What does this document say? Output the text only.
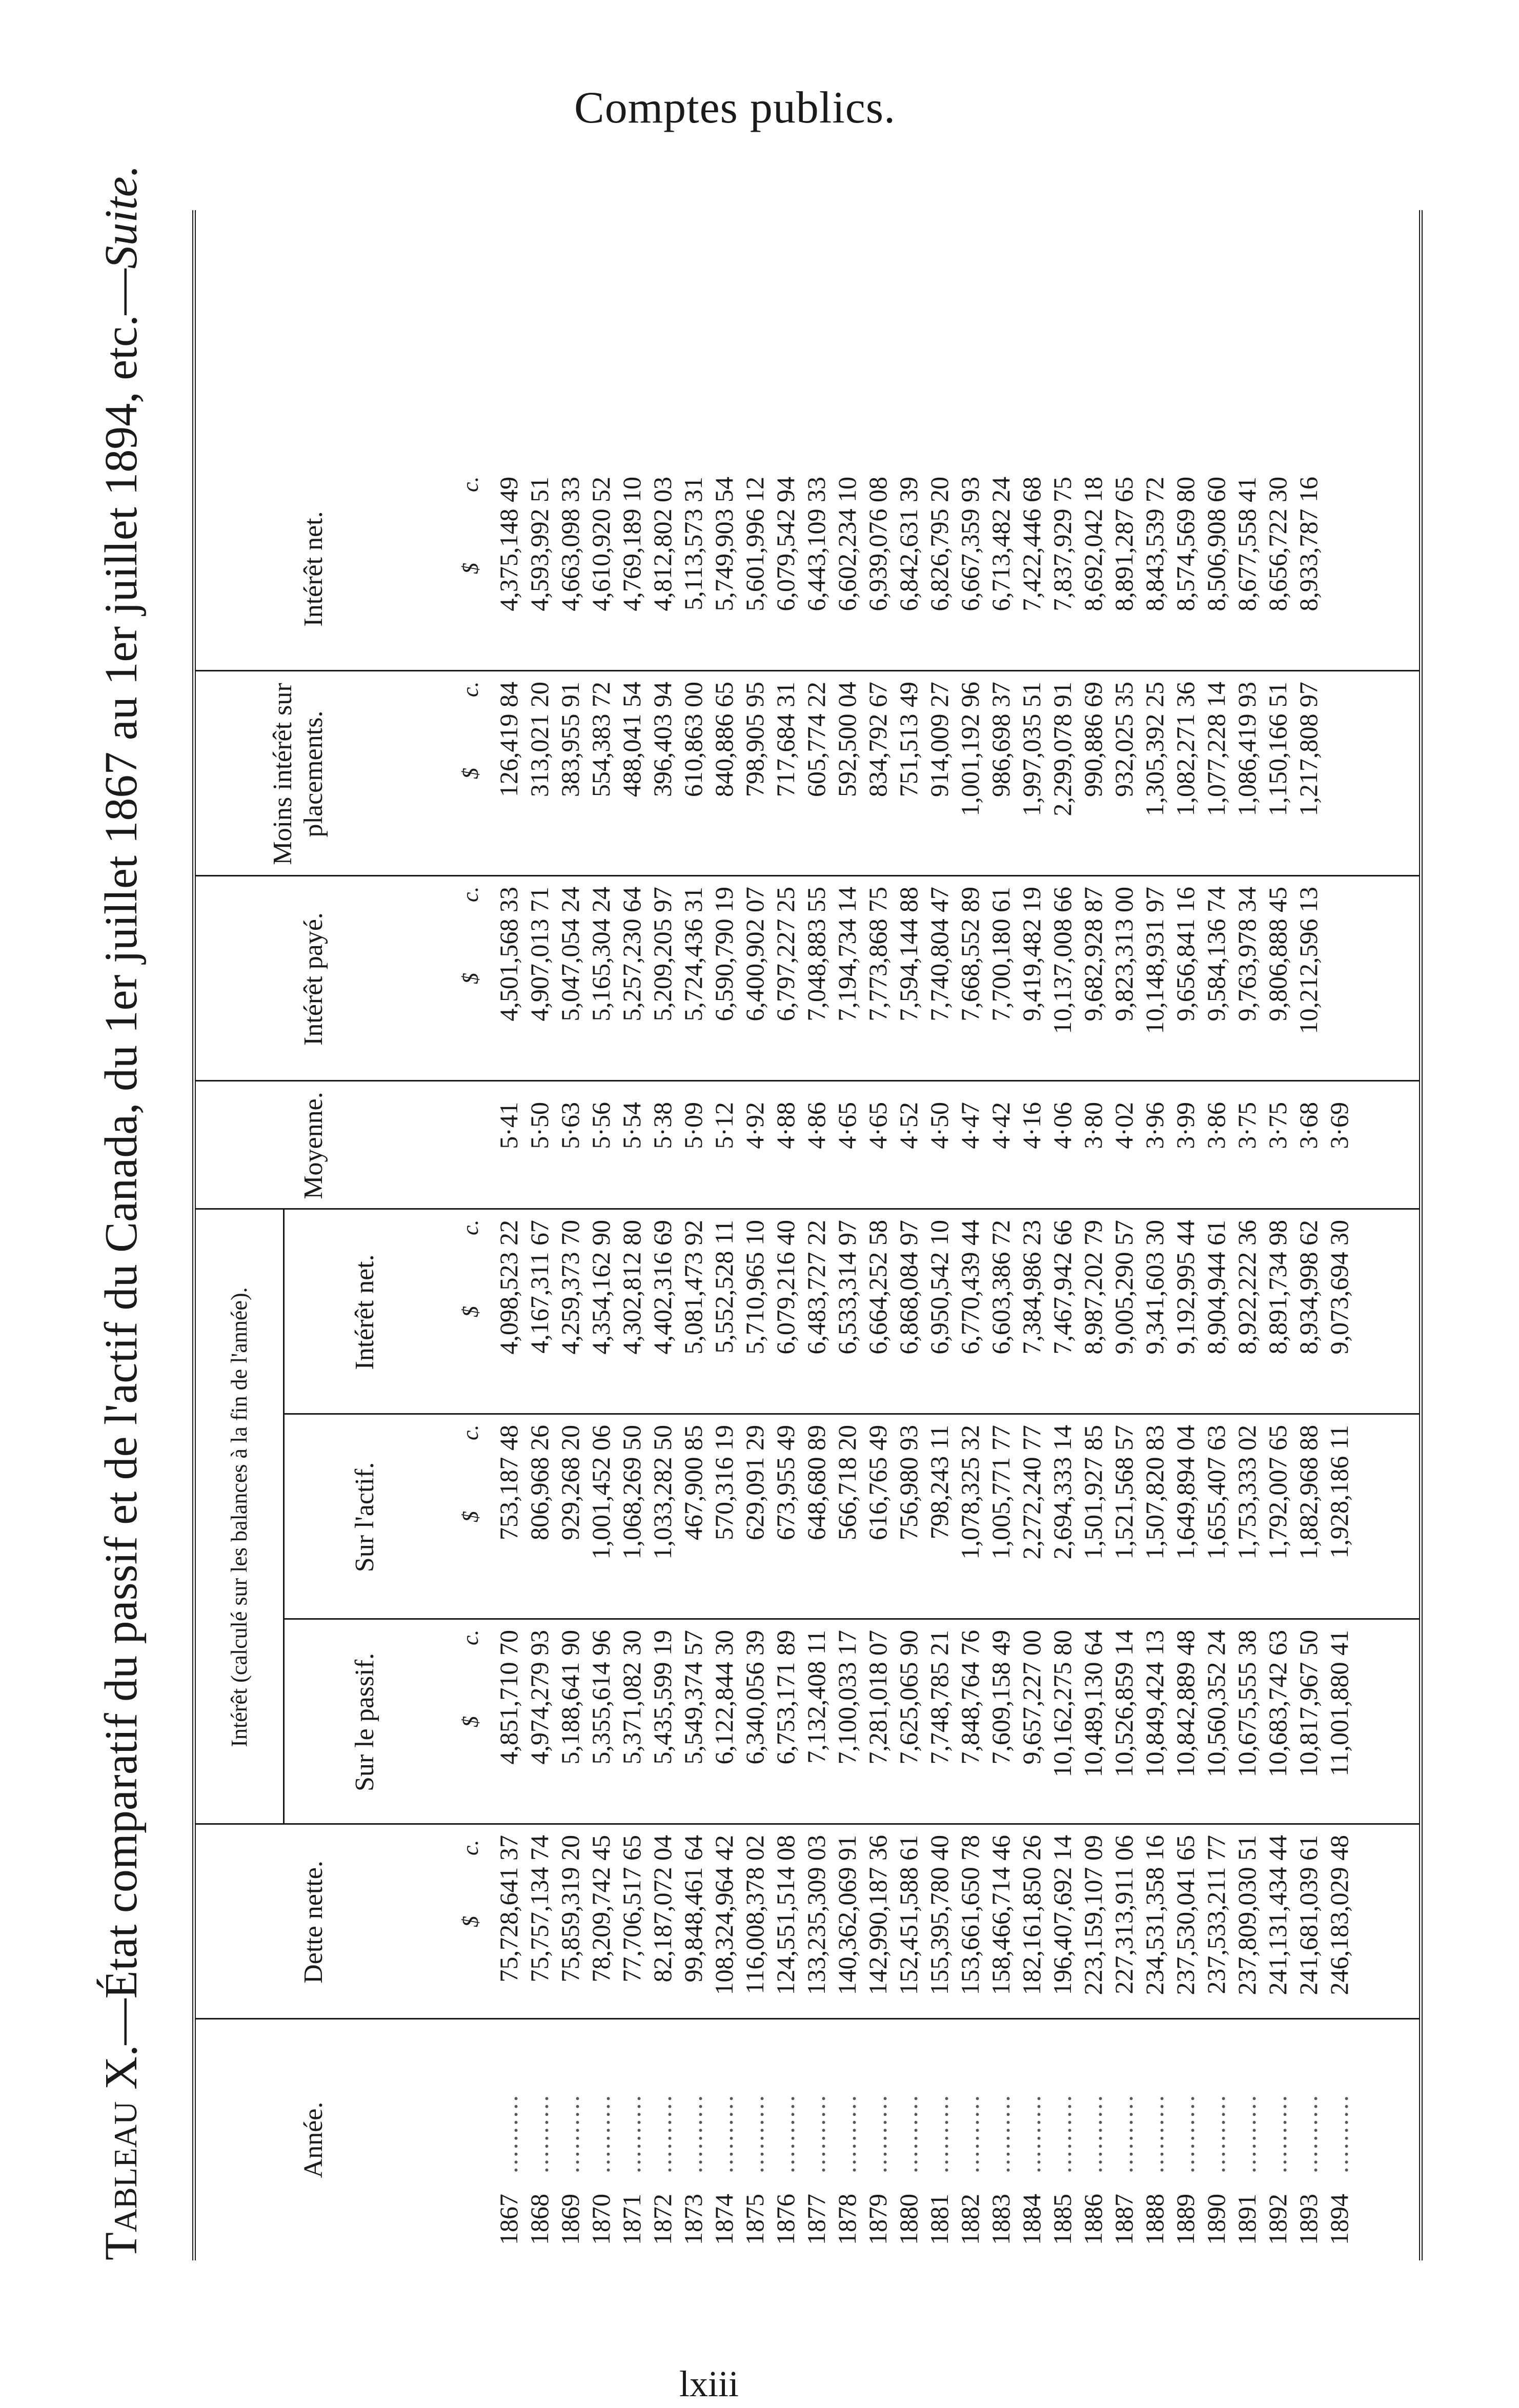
Comptes publics.
Tableau X.—État comparatif du passif et de l'actif du Canada, du 1er juillet 1867 au 1er juillet 1894, etc.—Suite.
Année.
Dette nette.
Intérêt (calculé sur les balances à la fin de l'année).	Sur le passif.
Sur l'actif.
Intérêt net.
Moyenne.
Intérêt payé.
Moins intérêt sur placements.
Intérêt net.
$
c.
$
c.
$
c.
$
c.
$
c.
$
c.
$
c.
1867
75,728,641 37
4,851,710 70
753,187 48
4,098,523 22
5·41
4,501,568 33
126,419 84
4,375,148 49
..........
1868
75,757,134 74
4,974,279 93
806,968 26
4,167,311 67
5·50
4,907,013 71
313,021 20
4,593,992 51
..........
1869
75,859,319 20
5,188,641 90
929,268 20
4,259,373 70
5·63
5,047,054 24
383,955 91
4,663,098 33
..........
1870
78,209,742 45
5,355,614 96
1,001,452 06
4,354,162 90
5·56
5,165,304 24
554,383 72
4,610,920 52
..........
1871
77,706,517 65
5,371,082 30
1,068,269 50
4,302,812 80
5·54
5,257,230 64
488,041 54
4,769,189 10
..........
1872
82,187,072 04
5,435,599 19
1,033,282 50
4,402,316 69
5·38
5,209,205 97
396,403 94
4,812,802 03
..........
1873
99,848,461 64
5,549,374 57
467,900 85
5,081,473 92
5·09
5,724,436 31
610,863 00
5,113,573 31
..........
1874
108,324,964 42
6,122,844 30
570,316 19
5,552,528 11
5·12
6,590,790 19
840,886 65
5,749,903 54
..........
1875
116,008,378 02
6,340,056 39
629,091 29
5,710,965 10
4·92
6,400,902 07
798,905 95
5,601,996 12
..........
1876
124,551,514 08
6,753,171 89
673,955 49
6,079,216 40
4·88
6,797,227 25
717,684 31
6,079,542 94
..........
1877
133,235,309 03
7,132,408 11
648,680 89
6,483,727 22
4·86
7,048,883 55
605,774 22
6,443,109 33
..........
1878
140,362,069 91
7,100,033 17
566,718 20
6,533,314 97
4·65
7,194,734 14
592,500 04
6,602,234 10
..........
1879
142,990,187 36
7,281,018 07
616,765 49
6,664,252 58
4·65
7,773,868 75
834,792 67
6,939,076 08
..........
1880
152,451,588 61
7,625,065 90
756,980 93
6,868,084 97
4·52
7,594,144 88
751,513 49
6,842,631 39
..........
1881
155,395,780 40
7,748,785 21
798,243 11
6,950,542 10
4·50
7,740,804 47
914,009 27
6,826,795 20
..........
1882
153,661,650 78
7,848,764 76
1,078,325 32
6,770,439 44
4·47
7,668,552 89
1,001,192 96
6,667,359 93
..........
1883
158,466,714 46
7,609,158 49
1,005,771 77
6,603,386 72
4·42
7,700,180 61
986,698 37
6,713,482 24
..........
1884
182,161,850 26
9,657,227 00
2,272,240 77
7,384,986 23
4·16
9,419,482 19
1,997,035 51
7,422,446 68
..........
1885
196,407,692 14
10,162,275 80
2,694,333 14
7,467,942 66
4·06
10,137,008 66
2,299,078 91
7,837,929 75
..........
1886
223,159,107 09
10,489,130 64
1,501,927 85
8,987,202 79
3·80
9,682,928 87
990,886 69
8,692,042 18
..........
1887
227,313,911 06
10,526,859 14
1,521,568 57
9,005,290 57
4·02
9,823,313 00
932,025 35
8,891,287 65
..........
1888
234,531,358 16
10,849,424 13
1,507,820 83
9,341,603 30
3·96
10,148,931 97
1,305,392 25
8,843,539 72
..........
1889
237,530,041 65
10,842,889 48
1,649,894 04
9,192,995 44
3·99
9,656,841 16
1,082,271 36
8,574,569 80
..........
1890
237,533,211 77
10,560,352 24
1,655,407 63
8,904,944 61
3·86
9,584,136 74
1,077,228 14
8,506,908 60
..........
1891
237,809,030 51
10,675,555 38
1,753,333 02
8,922,222 36
3·75
9,763,978 34
1,086,419 93
8,677,558 41
..........
1892
241,131,434 44
10,683,742 63
1,792,007 65
8,891,734 98
3·75
9,806,888 45
1,150,166 51
8,656,722 30
..........
1893
241,681,039 61
10,817,967 50
1,882,968 88
8,934,998 62
3·68
10,212,596 13
1,217,808 97
8,933,787 16
..........
1894
246,183,029 48
11,001,880 41
1,928,186 11
9,073,694 30
3·69
..........
lxiii
